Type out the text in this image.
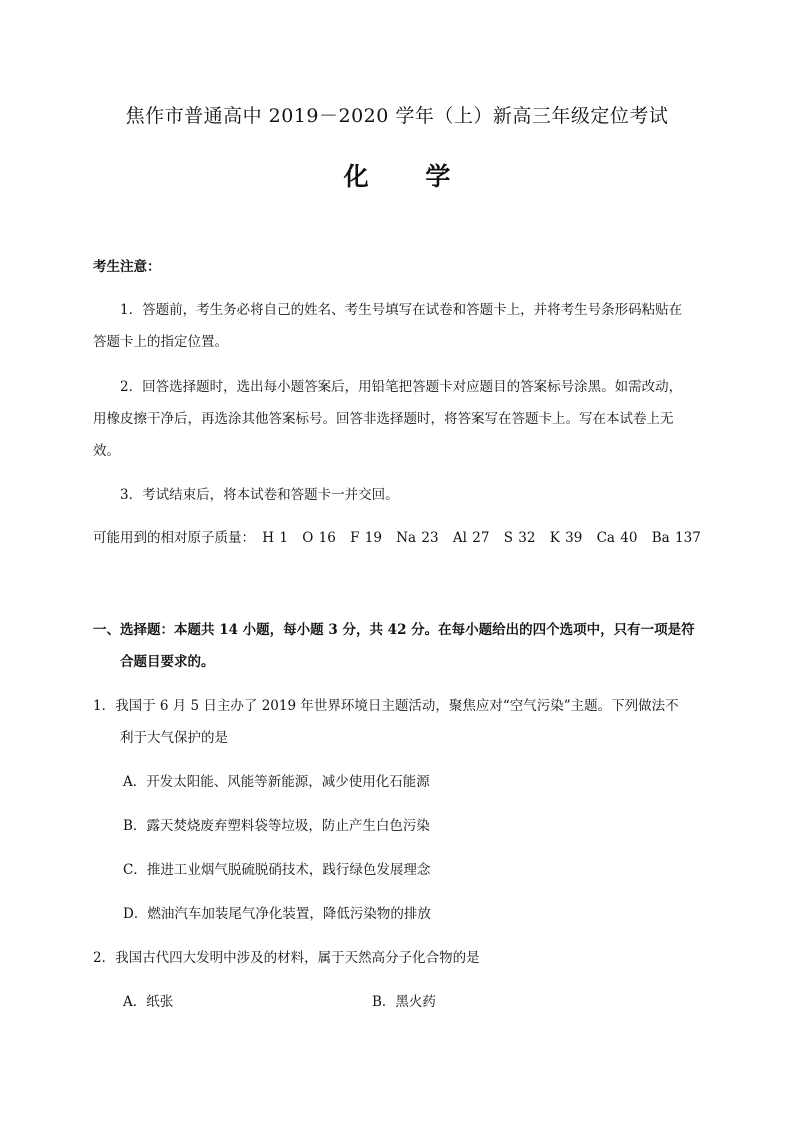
焦作市普通高中 2019－2020 学年（上）新高三年级定位考试
化 学
考生注意：
1．答题前，考生务必将自己的姓名、考生号填写在试卷和答题卡上，并将考生号条形码粘贴在
答题卡上的指定位置。
2．回答选择题时，选出每小题答案后，用铅笔把答题卡对应题目的答案标号涂黑。如需改动，
用橡皮擦干净后，再选涂其他答案标号。回答非选择题时，将答案写在答题卡上。写在本试卷上无
效。
3．考试结束后，将本试卷和答题卡一并交回。
可能用到的相对原子质量： H 1 O 16 F 19 Na 23 Al 27 S 32 K 39 Ca 40 Ba 137
一、选择题：本题共 14 小题，每小题 3 分，共 42 分。在每小题给出的四个选项中，只有一项是符
合题目要求的。
1．我国于 6 月 5 日主办了 2019 年世界环境日主题活动，聚焦应对“空气污染”主题。下列做法不
利于大气保护的是
A．开发太阳能、风能等新能源，减少使用化石能源
B．露天焚烧废弃塑料袋等垃圾，防止产生白色污染
C．推进工业烟气脱硫脱硝技术，践行绿色发展理念
D．燃油汽车加装尾气净化装置，降低污染物的排放
2．我国古代四大发明中涉及的材料，属于天然高分子化合物的是
A．纸张	B．黑火药
